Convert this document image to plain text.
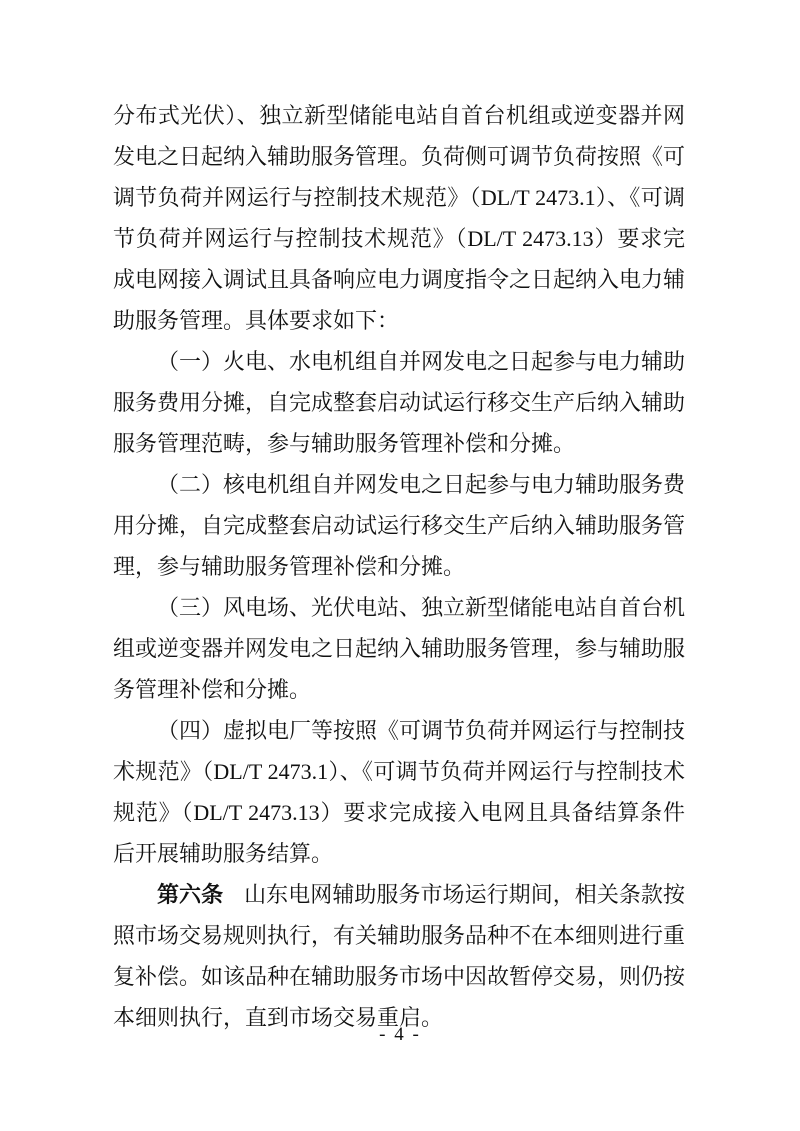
分布式光伏）、独立新型储能电站自首台机组或逆变器并网发电之日起纳入辅助服务管理。负荷侧可调节负荷按照《可调节负荷并网运行与控制技术规范》（DL/T 2473.1）、《可调节负荷并网运行与控制技术规范》（DL/T 2473.13）要求完成电网接入调试且具备响应电力调度指令之日起纳入电力辅助服务管理。具体要求如下：

（一）火电、水电机组自并网发电之日起参与电力辅助服务费用分摊，自完成整套启动试运行移交生产后纳入辅助服务管理范畴，参与辅助服务管理补偿和分摊。

（二）核电机组自并网发电之日起参与电力辅助服务费用分摊，自完成整套启动试运行移交生产后纳入辅助服务管理，参与辅助服务管理补偿和分摊。

（三）风电场、光伏电站、独立新型储能电站自首台机组或逆变器并网发电之日起纳入辅助服务管理，参与辅助服务管理补偿和分摊。

（四）虚拟电厂等按照《可调节负荷并网运行与控制技术规范》（DL/T 2473.1）、《可调节负荷并网运行与控制技术规范》（DL/T 2473.13）要求完成接入电网且具备结算条件后开展辅助服务结算。

第六条 山东电网辅助服务市场运行期间，相关条款按照市场交易规则执行，有关辅助服务品种不在本细则进行重复补偿。如该品种在辅助服务市场中因故暂停交易，则仍按本细则执行，直到市场交易重启。

- 4 -
